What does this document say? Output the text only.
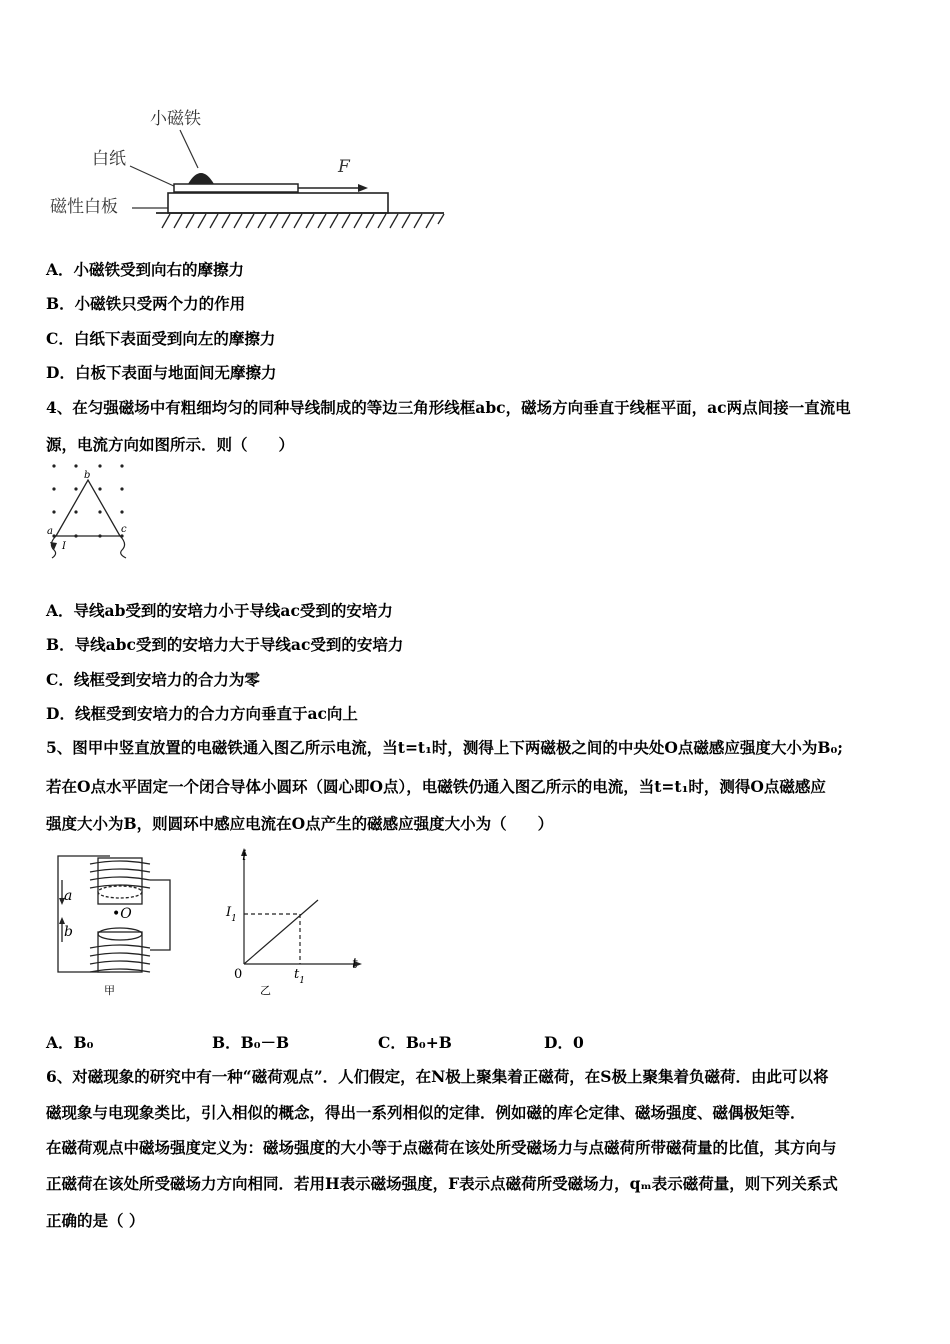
小磁铁
白纸
磁性白板
F
A．小磁铁受到向右的摩擦力
B．小磁铁只受两个力的作用
C．白纸下表面受到向左的摩擦力
D．白板下表面与地面间无摩擦力
4、在匀强磁场中有粗细均匀的同种导线制成的等边三角形线框abc，磁场方向垂直于线框平面，ac两点间接一直流电
源，电流方向如图所示．则（　　）
b
a	c
I
A．导线ab受到的安培力小于导线ac受到的安培力
B．导线abc受到的安培力大于导线ac受到的安培力
C．线框受到安培力的合力为零
D．线框受到安培力的合力方向垂直于ac向上
5、图甲中竖直放置的电磁铁通入图乙所示电流，当t=t₁时，测得上下两磁极之间的中央处O点磁感应强度大小为B₀;
若在O点水平固定一个闭合导体小圆环（圆心即O点），电磁铁仍通入图乙所示的电流，当t=t₁时，测得O点磁感应
强度大小为B，则圆环中感应电流在O点产生的磁感应强度大小为（　　）
a
b
•O
甲
i
t
$I_1$
0	$t_1$
乙
A．B₀	B．B₀－B	C．B₀+B	D．0
6、对磁现象的研究中有一种“磁荷观点”．人们假定，在N极上聚集着正磁荷，在S极上聚集着负磁荷．由此可以将
磁现象与电现象类比，引入相似的概念，得出一系列相似的定律．例如磁的库仑定律、磁场强度、磁偶极矩等．
在磁荷观点中磁场强度定义为：磁场强度的大小等于点磁荷在该处所受磁场力与点磁荷所带磁荷量的比值，其方向与
正磁荷在该处所受磁场力方向相同．若用H表示磁场强度，F表示点磁荷所受磁场力，qₘ表示磁荷量，则下列关系式
正确的是（ ）
